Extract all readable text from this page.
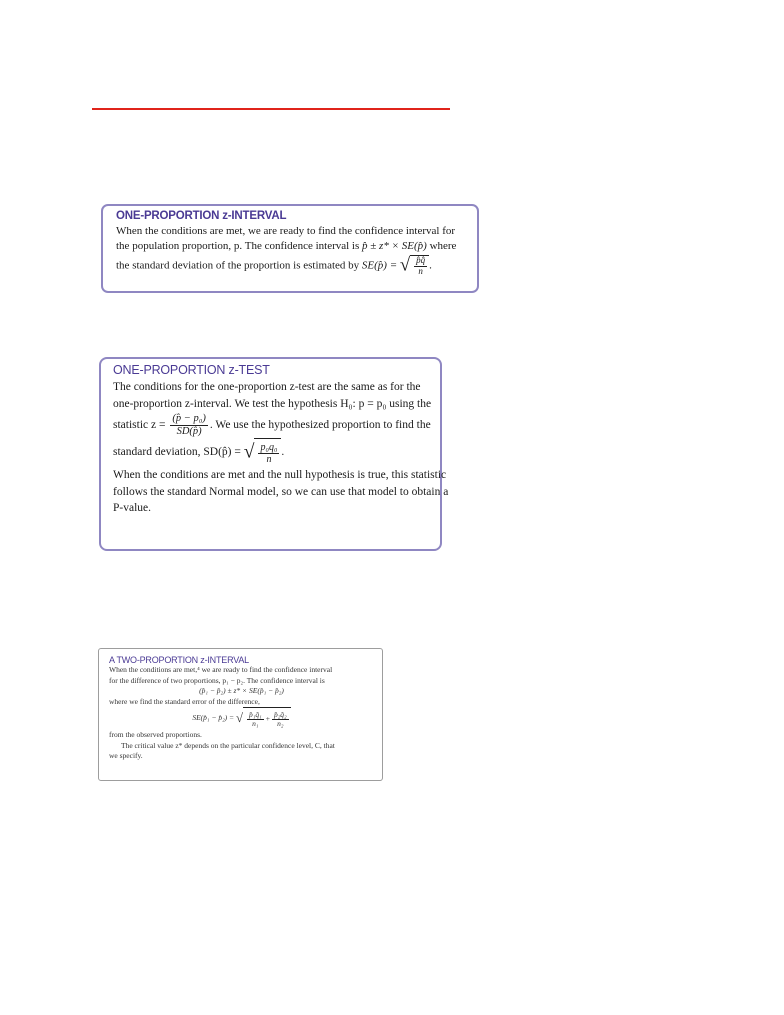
ONE-PROPORTION z-INTERVAL

When the conditions are met, we are ready to find the confidence interval for

the population proportion, p. The confidence interval is p̂ ± z* × SE(p̂) where

the standard deviation of the proportion is estimated by SE(p̂) = √ $\frac{p̂q̂}{n}$ .

ONE-PROPORTION z-TEST

The conditions for the one-proportion z-test are the same as for the

one-proportion z-interval. We test the hypothesis H₀: p = p₀ using the

statistic $z = \frac{\text{(p̂ − p₀)}}{SD(p̂)}$ . We use the hypothesized proportion to find the

standard deviation, SD(p̂) = √ $\frac{\text{p₀q₀}}{n}$ .

When the conditions are met and the null hypothesis is true, this statistic

follows the standard Normal model, so we can use that model to obtain a

P-value.

A TWO-PROPORTION z-INTERVAL

When the conditions are met,⁴ we are ready to find the confidence interval

for the difference of two proportions, p₁ − p₂. The confidence interval is

(p̂₁ − p̂₂) ± z* × SE(p̂₁ − p̂₂)

where we find the standard error of the difference,

SE(p̂₁ − p̂₂) = √ $\frac{\text{p̂₁q̂₁}}{\text{n₁}} + \frac{\text{p̂₂q̂₂}}{\text{n₂}}$

from the observed proportions.

The critical value z* depends on the particular confidence level, C, that

we specify.
